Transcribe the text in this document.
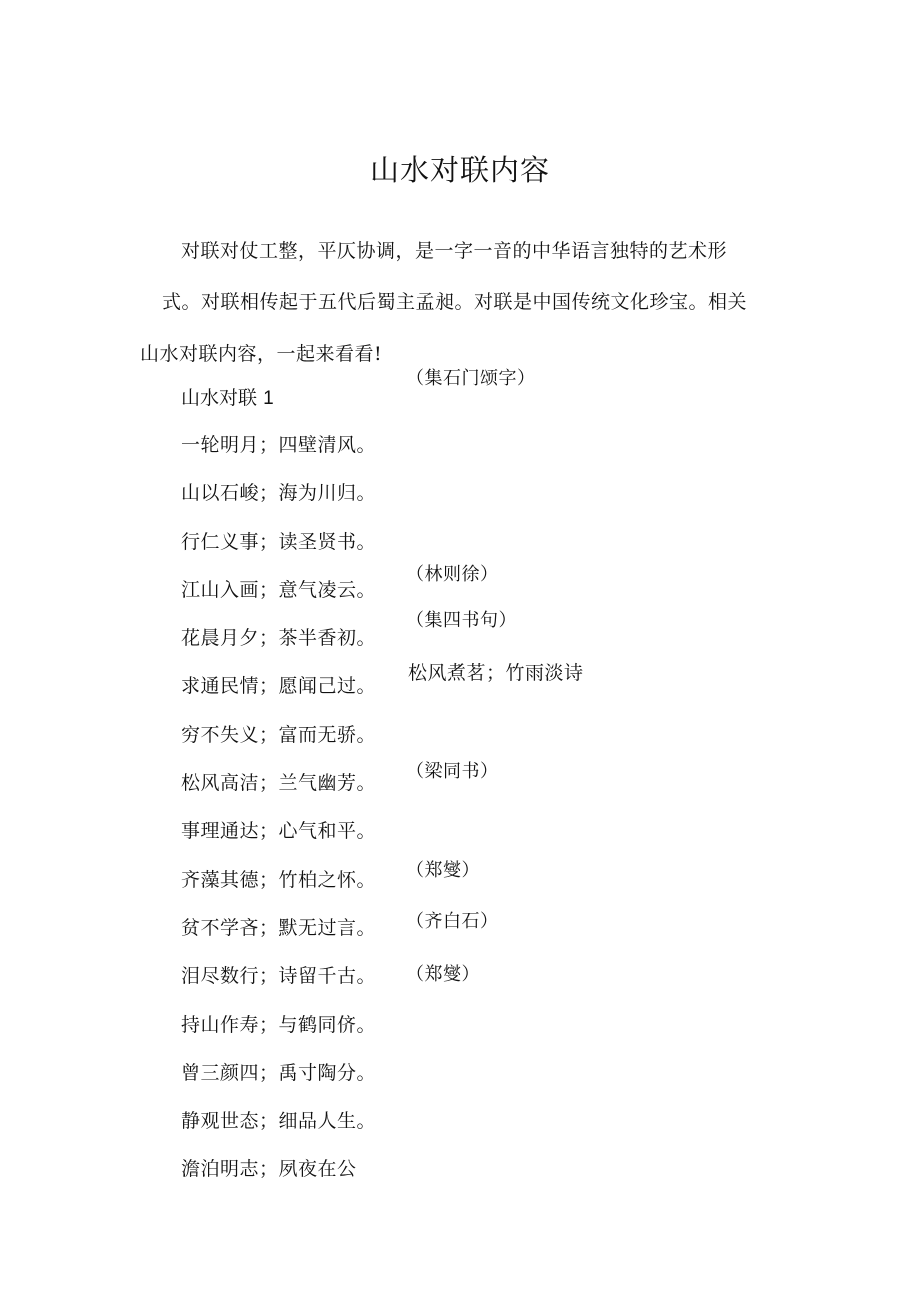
山水对联内容
对联对仗工整，平仄协调，是一字一音的中华语言独特的艺术形
式。对联相传起于五代后蜀主孟昶。对联是中国传统文化珍宝。相关
山水对联内容，一起来看看!
山水对联 1
一轮明月；四壁清风。
山以石峻；海为川归。
行仁义事；读圣贤书。
江山入画；意气凌云。
花晨月夕；茶半香初。
求通民情；愿闻己过。
穷不失义；富而无骄。
松风高洁；兰气幽芳。
事理通达；心气和平。
齐藻其德；竹柏之怀。
贫不学吝；默无过言。
泪尽数行；诗留千古。
持山作寿；与鹤同侪。
曾三颜四；禹寸陶分。
静观世态；细品人生。
澹泊明志；夙夜在公
（集石门颂字）
（林则徐）
（集四书句）
松风煮茗；竹雨淡诗
（梁同书）
（郑燮）
（齐白石）
（郑燮）
